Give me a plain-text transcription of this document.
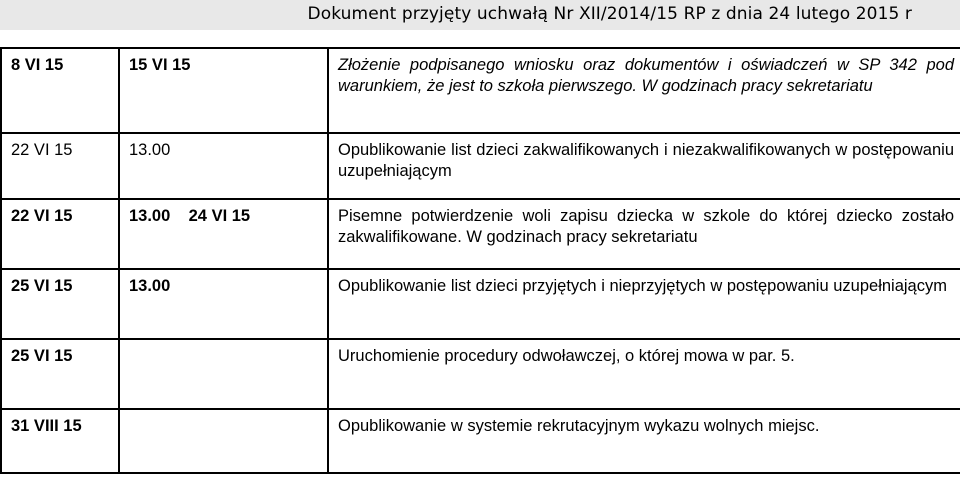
Dokument przyjęty uchwałą Nr XII/2014/15 RP z dnia 24 lutego 2015 r
8 VI 15	15 VI 15	Złożenie podpisanego wniosku oraz dokumentów i oświadczeń w SP 342 pod warunkiem, że jest to szkoła pierwszego. W godzinach pracy sekretariatu
22 VI 15	13.00	Opublikowanie list dzieci zakwalifikowanych i niezakwalifikowanych w postępowaniu uzupełniającym
22 VI 15	13.00    24 VI 15	Pisemne potwierdzenie woli zapisu dziecka w szkole do której dziecko zostało zakwalifikowane. W godzinach pracy sekretariatu
25 VI 15	13.00	Opublikowanie list dzieci przyjętych i nieprzyjętych w postępowaniu uzupełniającym
25 VI 15		Uruchomienie procedury odwoławczej, o której mowa w par. 5.
31 VIII 15		Opublikowanie w systemie rekrutacyjnym wykazu wolnych miejsc.
